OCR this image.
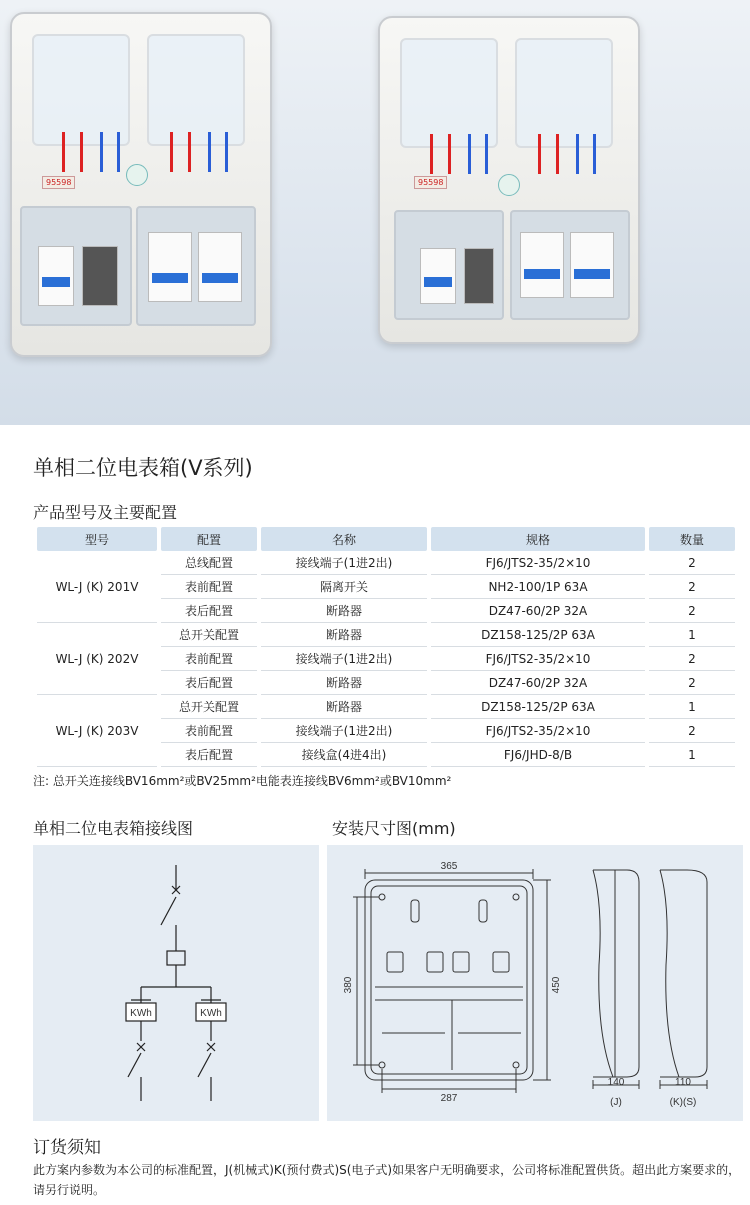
95598	95598
单相二位电表箱(V系列)
产品型号及主要配置
型号	配置	名称	规格	数量
WL-J (K) 201V	总线配置	接线端子(1进2出)	FJ6/JTS2-35/2×10	2
	表前配置	隔离开关	NH2-100/1P 63A	2
	表后配置	断路器	DZ47-60/2P 32A	2
WL-J (K) 202V	总开关配置	断路器	DZ158-125/2P 63A	1
	表前配置	接线端子(1进2出)	FJ6/JTS2-35/2×10	2
	表后配置	断路器	DZ47-60/2P 32A	2
WL-J (K) 203V	总开关配置	断路器	DZ158-125/2P 63A	1
	表前配置	接线端子(1进2出)	FJ6/JTS2-35/2×10	2
	表后配置	接线盒(4进4出)	FJ6/JHD-8/B	1
注: 总开关连接线BV16mm²或BV25mm²电能表连接线BV6mm²或BV10mm²
单相二位电表箱接线图	安装尺寸图(mm)
KWh	KWh
365
287
380	450
140
(J)
110
(K)(S)
订货须知
此方案内参数为本公司的标准配置，J(机械式)K(预付费式)S(电子式)如果客户无明确要求，公司将标准配置供货。超出此方案要求的，请另行说明。
